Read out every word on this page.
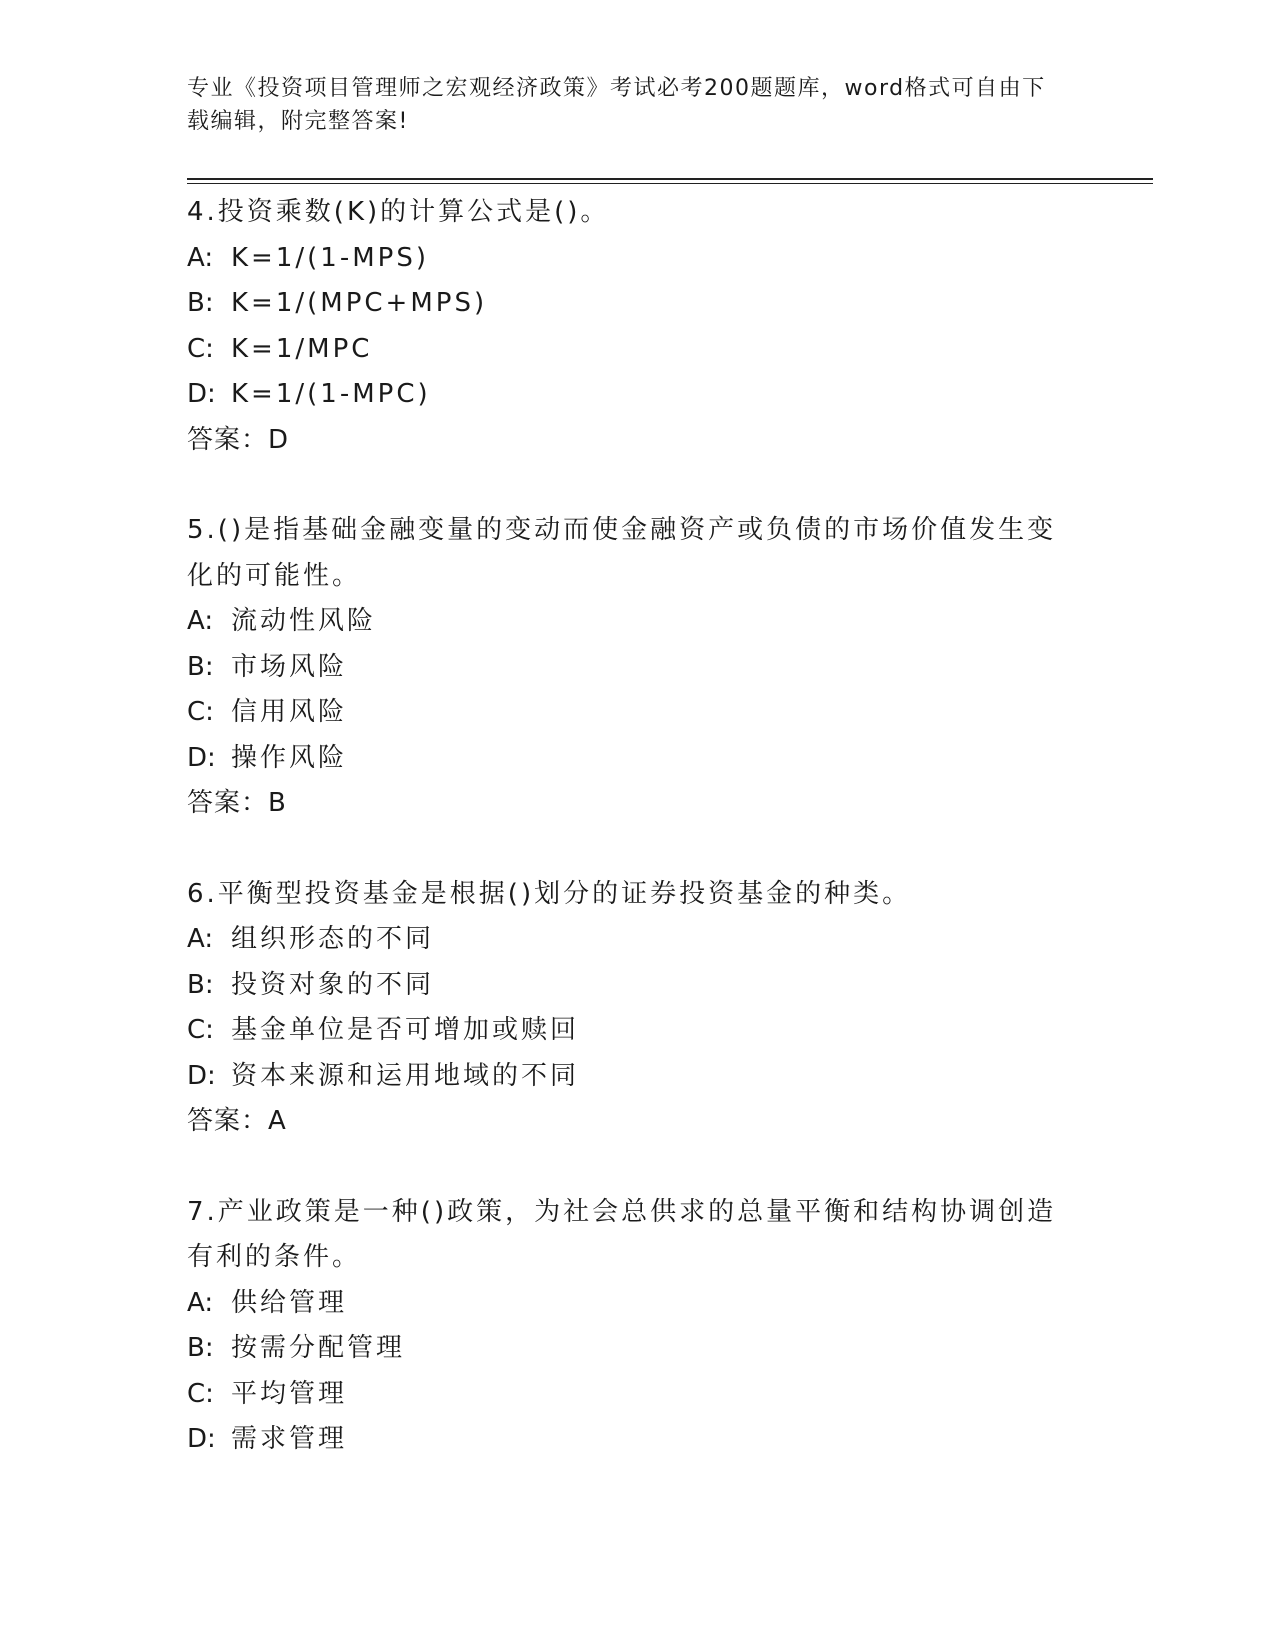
专业《投资项目管理师之宏观经济政策》考试必考200题题库，word格式可自由下载编辑，附完整答案!

4.投资乘数(K)的计算公式是()。

A: K=1/(1-MPS)

B: K=1/(MPC+MPS)

C: K=1/MPC

D: K=1/(1-MPC)

答案：D

5.()是指基础金融变量的变动而使金融资产或负债的市场价值发生变化的可能性。

A: 流动性风险

B: 市场风险

C: 信用风险

D: 操作风险

答案：B

6.平衡型投资基金是根据()划分的证券投资基金的种类。

A: 组织形态的不同

B: 投资对象的不同

C: 基金单位是否可增加或赎回

D: 资本来源和运用地域的不同

答案：A

7.产业政策是一种()政策，为社会总供求的总量平衡和结构协调创造有利的条件。

A: 供给管理

B: 按需分配管理

C: 平均管理

D: 需求管理
